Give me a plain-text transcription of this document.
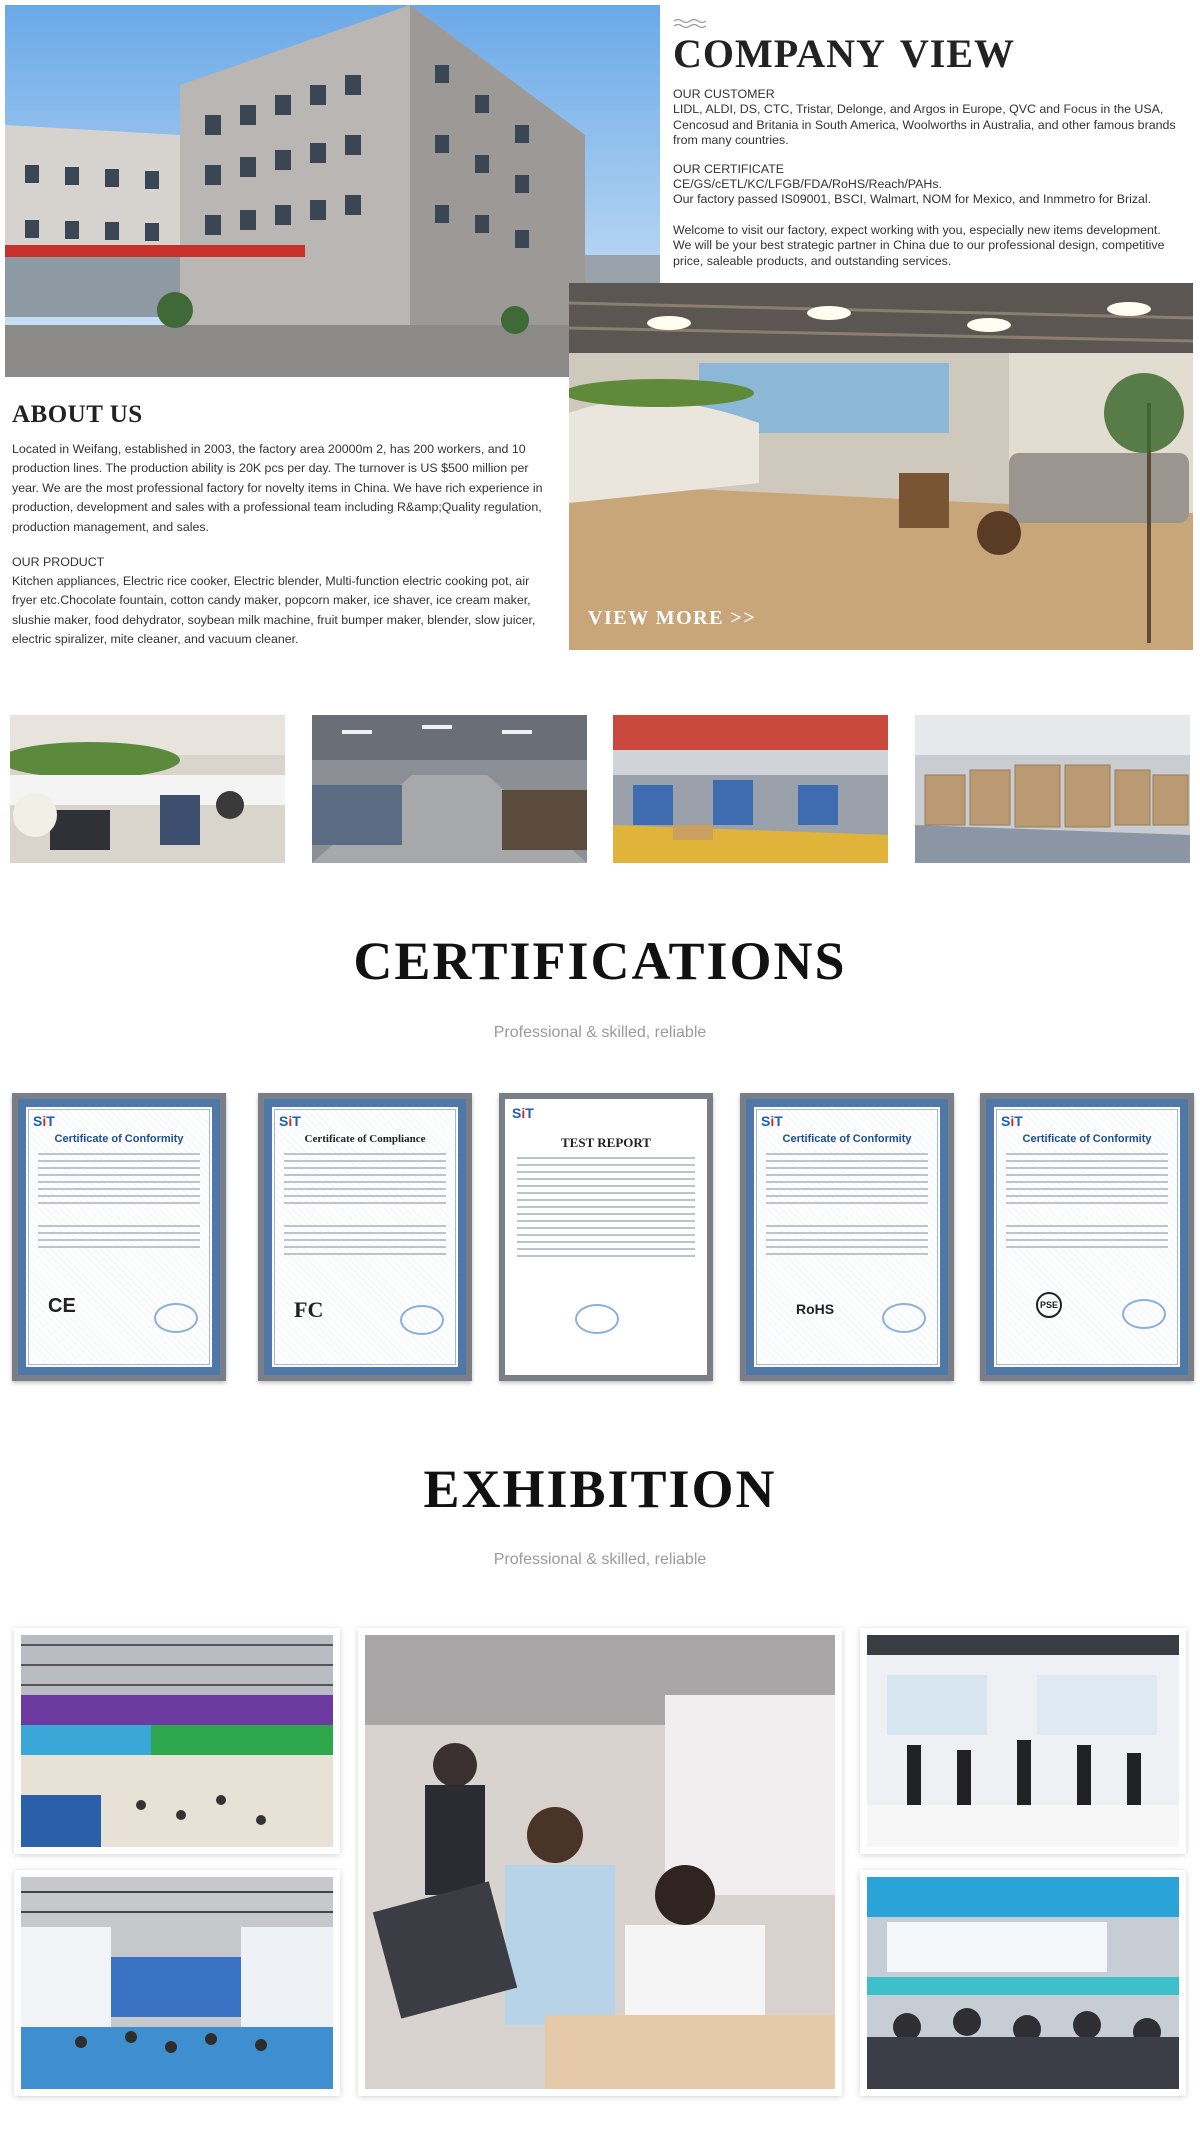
COMPANY VIEW

OUR CUSTOMER

LIDL, ALDI, DS, CTC, Tristar, Delonge, and Argos in Europe, QVC and Focus in the USA, Cencosud and Britania in South America, Woolworths in Australia, and other famous brands from many countries.

OUR CERTIFICATE

CE/GS/cETL/KC/LFGB/FDA/RoHS/Reach/PAHs.

Our factory passed IS09001, BSCI, Walmart, NOM for Mexico, and Inmmetro for Brizal.

Welcome to visit our factory, expect working with you, especially new items development.

We will be your best strategic partner in China due to our professional design, competitive price, saleable products, and outstanding services.

ABOUT US

Located in Weifang, established in 2003, the factory area 20000m 2, has 200 workers, and 10 production lines. The production ability is 20K pcs per day. The turnover is US $500 million per year. We are the most professional factory for novelty items in China. We have rich experience in production, development and sales with a professional team including R&amp;Quality regulation, production management, and sales.

OUR PRODUCT

Kitchen appliances, Electric rice cooker, Electric blender, Multi-function electric cooking pot, air fryer etc.Chocolate fountain, cotton candy maker, popcorn maker, ice shaver, ice cream maker, slushie maker, food dehydrator, soybean milk machine, fruit bumper maker, blender, slow juicer, electric spiralizer, mite cleaner, and vacuum cleaner.

VIEW MORE >>
CERTIFICATIONS

Professional & skilled, reliable

SiT
Certificate of Conformity
CE
SiT
Certificate of Compliance
FC
SiT
TEST REPORT
SiT
Certificate of Conformity
RoHS
SiT
Certificate of Conformity
PSE
EXHIBITION

Professional & skilled, reliable
